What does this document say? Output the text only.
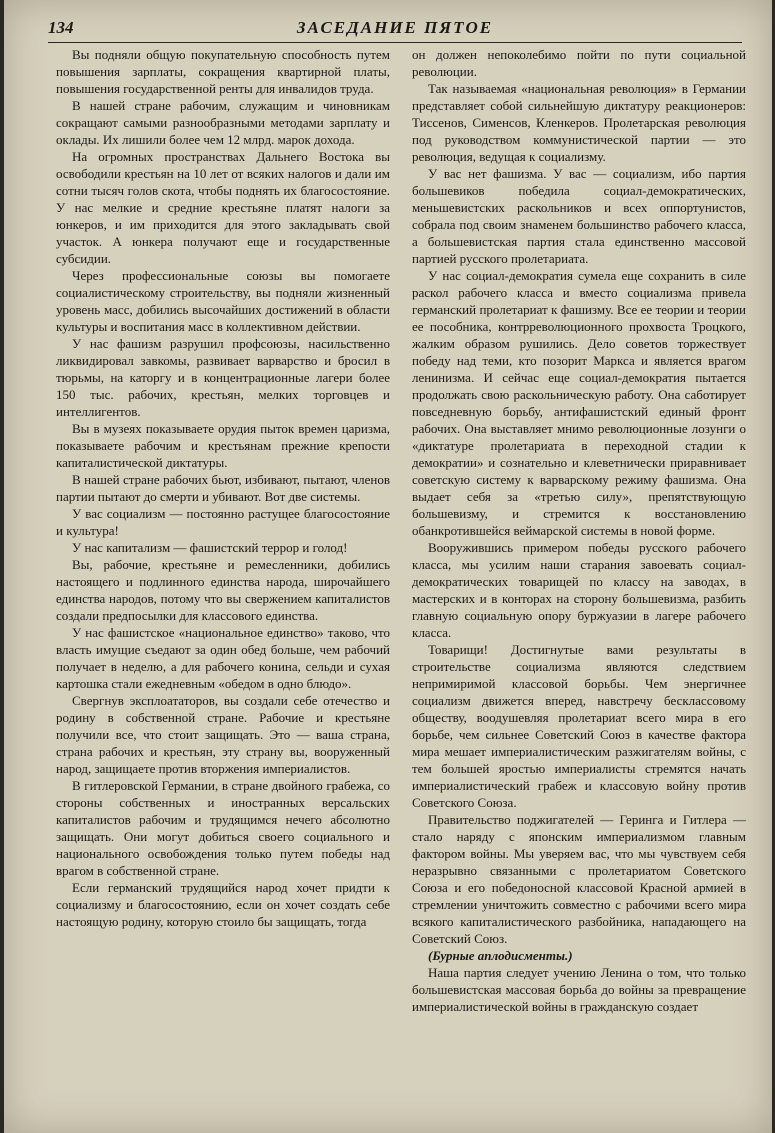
134	ЗАСЕДАНИЕ ПЯТОЕ

Вы подняли общую покупательную способность путем повышения зарплаты, сокращения квартирной платы, повышения государственной ренты для инвалидов труда.

В нашей стране рабочим, служащим и чиновникам сокращают самыми разнообразными методами зарплату и оклады. Их лишили более чем 12 млрд. марок дохода.

На огромных пространствах Дальнего Востока вы освободили крестьян на 10 лет от всяких налогов и дали им сотни тысяч голов скота, чтобы поднять их благосостояние. У нас мелкие и средние крестьяне платят налоги за юнкеров, и им приходится для этого закладывать свой участок. А юнкера получают еще и государственные субсидии.

Через профессиональные союзы вы помогаете социалистическому строительству, вы подняли жизненный уровень масс, добились высочайших достижений в области культуры и воспитания масс в коллективном действии.

У нас фашизм разрушил профсоюзы, насильственно ликвидировал завкомы, развивает варварство и бросил в тюрьмы, на каторгу и в концентрационные лагери более 150 тыс. рабочих, крестьян, мелких торговцев и интеллигентов.

Вы в музеях показываете орудия пыток времен царизма, показываете рабочим и крестьянам прежние крепости капиталистической диктатуры.

В нашей стране рабочих бьют, избивают, пытают, членов партии пытают до смерти и убивают. Вот две системы.

У вас социализм — постоянно растущее благосостояние и культура!

У нас капитализм — фашистский террор и голод!

Вы, рабочие, крестьяне и ремесленники, добились настоящего и подлинного единства народа, широчайшего единства народов, потому что вы свержением капиталистов создали предпосылки для классового единства.

У нас фашистское «национальное единство» таково, что власть имущие съедают за один обед больше, чем рабочий получает в неделю, а для рабочего конина, сельди и сухая картошка стали ежедневным «обедом в одно блюдо».

Свергнув эксплоататоров, вы создали себе отечество и родину в собственной стране. Рабочие и крестьяне получили все, что стоит защищать. Это — ваша страна, страна рабочих и крестьян, эту страну вы, вооруженный народ, защищаете против вторжения империалистов.

В гитлеровской Германии, в стране двойного грабежа, со стороны собственных и иностранных версальских капиталистов рабочим и трудящимся нечего абсолютно защищать. Они могут добиться своего социального и национального освобождения только путем победы над врагом в собственной стране.

Если германский трудящийся народ хочет придти к социализму и благосостоянию, если он хочет создать себе настоящую родину, которую стоило бы защищать, тогда

он должен непоколебимо пойти по пути социальной революции.

Так называемая «национальная революция» в Германии представляет собой сильнейшую диктатуру реакционеров: Тиссенов, Сименсов, Кленкеров. Пролетарская революция под руководством коммунистической партии — это революция, ведущая к социализму.

У вас нет фашизма. У вас — социализм, ибо партия большевиков победила социал-демократических, меньшевистских раскольников и всех оппортунистов, собрала под своим знаменем большинство рабочего класса, а большевистская партия стала единственно массовой партией русского пролетариата.

У нас социал-демократия сумела еще сохранить в силе раскол рабочего класса и вместо социализма привела германский пролетариат к фашизму. Все ее теории и теории ее пособника, контрреволюционного прохвоста Троцкого, жалким образом рушились. Дело советов торжествует победу над теми, кто позорит Маркса и является врагом ленинизма. И сейчас еще социал-демократия пытается продолжать свою раскольническую работу. Она саботирует повседневную борьбу, антифашистский единый фронт рабочих. Она выставляет мнимо революционные лозунги о «диктатуре пролетариата в переходной стадии к демократии» и сознательно и клеветнически приравнивает советскую систему к варварскому режиму фашизма. Она выдает себя за «третью силу», препятствующую большевизму, и стремится к восстановлению обанкротившейся веймарской системы в новой форме.

Вооружившись примером победы русского рабочего класса, мы усилим наши старания завоевать социал-демократических товарищей по классу на заводах, в мастерских и в конторах на сторону большевизма, разбить главную социальную опору буржуазии в лагере рабочего класса.

Товарищи! Достигнутые вами результаты в строительстве социализма являются следствием непримиримой классовой борьбы. Чем энергичнее социализм движется вперед, навстречу бесклассовому обществу, воодушевляя пролетариат всего мира в его борьбе, чем сильнее Советский Союз в качестве фактора мира мешает империалистическим разжигателям войны, с тем большей яростью империалисты стремятся начать империалистический грабеж и классовую войну против Советского Союза.

Правительство поджигателей — Геринга и Гитлера — стало наряду с японским империализмом главным фактором войны. Мы уверяем вас, что мы чувствуем себя неразрывно связанными с пролетариатом Советского Союза и его победоносной классовой Красной армией в стремлении уничтожить совместно с рабочими всего мира всякого капиталистического разбойника, нападающего на Советский Союз.

(Бурные аплодисменты.)

Наша партия следует учению Ленина о том, что только большевистская массовая борьба до войны за превращение империалистической войны в гражданскую создает
